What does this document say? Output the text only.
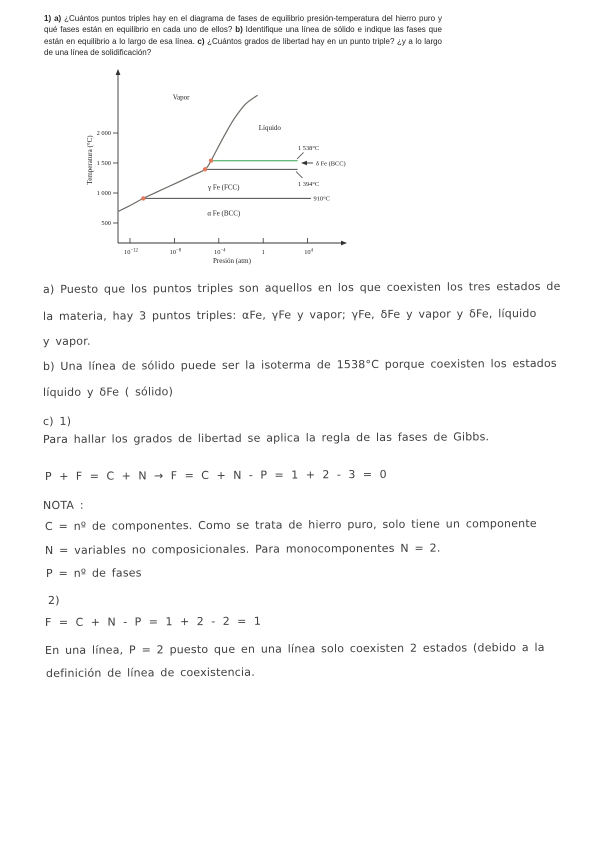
1) a) ¿Cuántos puntos triples hay en el diagrama de fases de equilibrio presión-temperatura del hierro puro y qué fases están en equilibrio en cada uno de ellos? b) Identifique una línea de sólido e indique las fases que están en equilibrio a lo largo de esa línea. c) ¿Cuántos grados de libertad hay en un punto triple? ¿y a lo largo de una línea de solidificación?

$10^{-12}$	$10^{-8}$	$10^{-4}$	1	$10^4$
500
1 000
1 500
2 000
Presión (atm)
Temperatura (°C)	1 538°C
1 394°C
910°C
δ Fe (BCC)
Vapor
Líquido
γ Fe (FCC)
α Fe (BCC)
a) Puesto que los puntos triples son aquellos en los que coexisten los tres estados de
la materia, hay 3 puntos triples: αFe, γFe y vapor; γFe, δFe y vapor y δFe, líquido
y vapor.
b) Una línea de sólido puede ser la isoterma de 1538°C porque coexisten los estados
líquido y δFe ( sólido)
c) 1)
Para hallar los grados de libertad se aplica la regla de las fases de Gibbs.
P + F = C + N → F = C + N - P = 1 + 2 - 3 = 0
NOTA :
C = nº de componentes. Como se trata de hierro puro, solo tiene un componente
N = variables no composicionales. Para monocomponentes N = 2.
P = nº de fases
2)
F = C + N - P = 1 + 2 - 2 = 1
En una línea, P = 2 puesto que en una línea solo coexisten 2 estados (debido a la
definición de línea de coexistencia.
